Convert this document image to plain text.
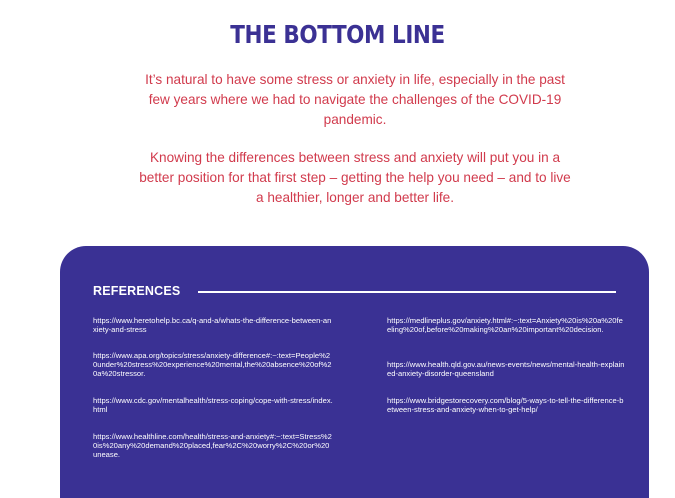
THE BOTTOM LINE

It’s natural to have some stress or anxiety in life, especially in the past few years where we had to navigate the challenges of the COVID-19 pandemic.

Knowing the differences between stress and anxiety will put you in a better position for that first step – getting the help you need – and to live a healthier, longer and better life.

REFERENCES
https://www.heretohelp.bc.ca/q-and-a/whats-the-difference-between-anxiety-and-stress
https://www.apa.org/topics/stress/anxiety-difference#:~:text=People%20under%20stress%20experience%20mental,the%20absence%20of%20a%20stressor.
https://www.cdc.gov/mentalhealth/stress-coping/cope-with-stress/index.html
https://www.healthline.com/health/stress-and-anxiety#:~:text=Stress%20is%20any%20demand%20placed,fear%2C%20worry%2C%20or%20unease.
https://medlineplus.gov/anxiety.html#:~:text=Anxiety%20is%20a%20feeling%20of,before%20making%20an%20important%20decision.
https://www.health.qld.gov.au/news-events/news/mental-health-explained-anxiety-disorder-queensland
https://www.bridgestorecovery.com/blog/5-ways-to-tell-the-difference-between-stress-and-anxiety-when-to-get-help/
